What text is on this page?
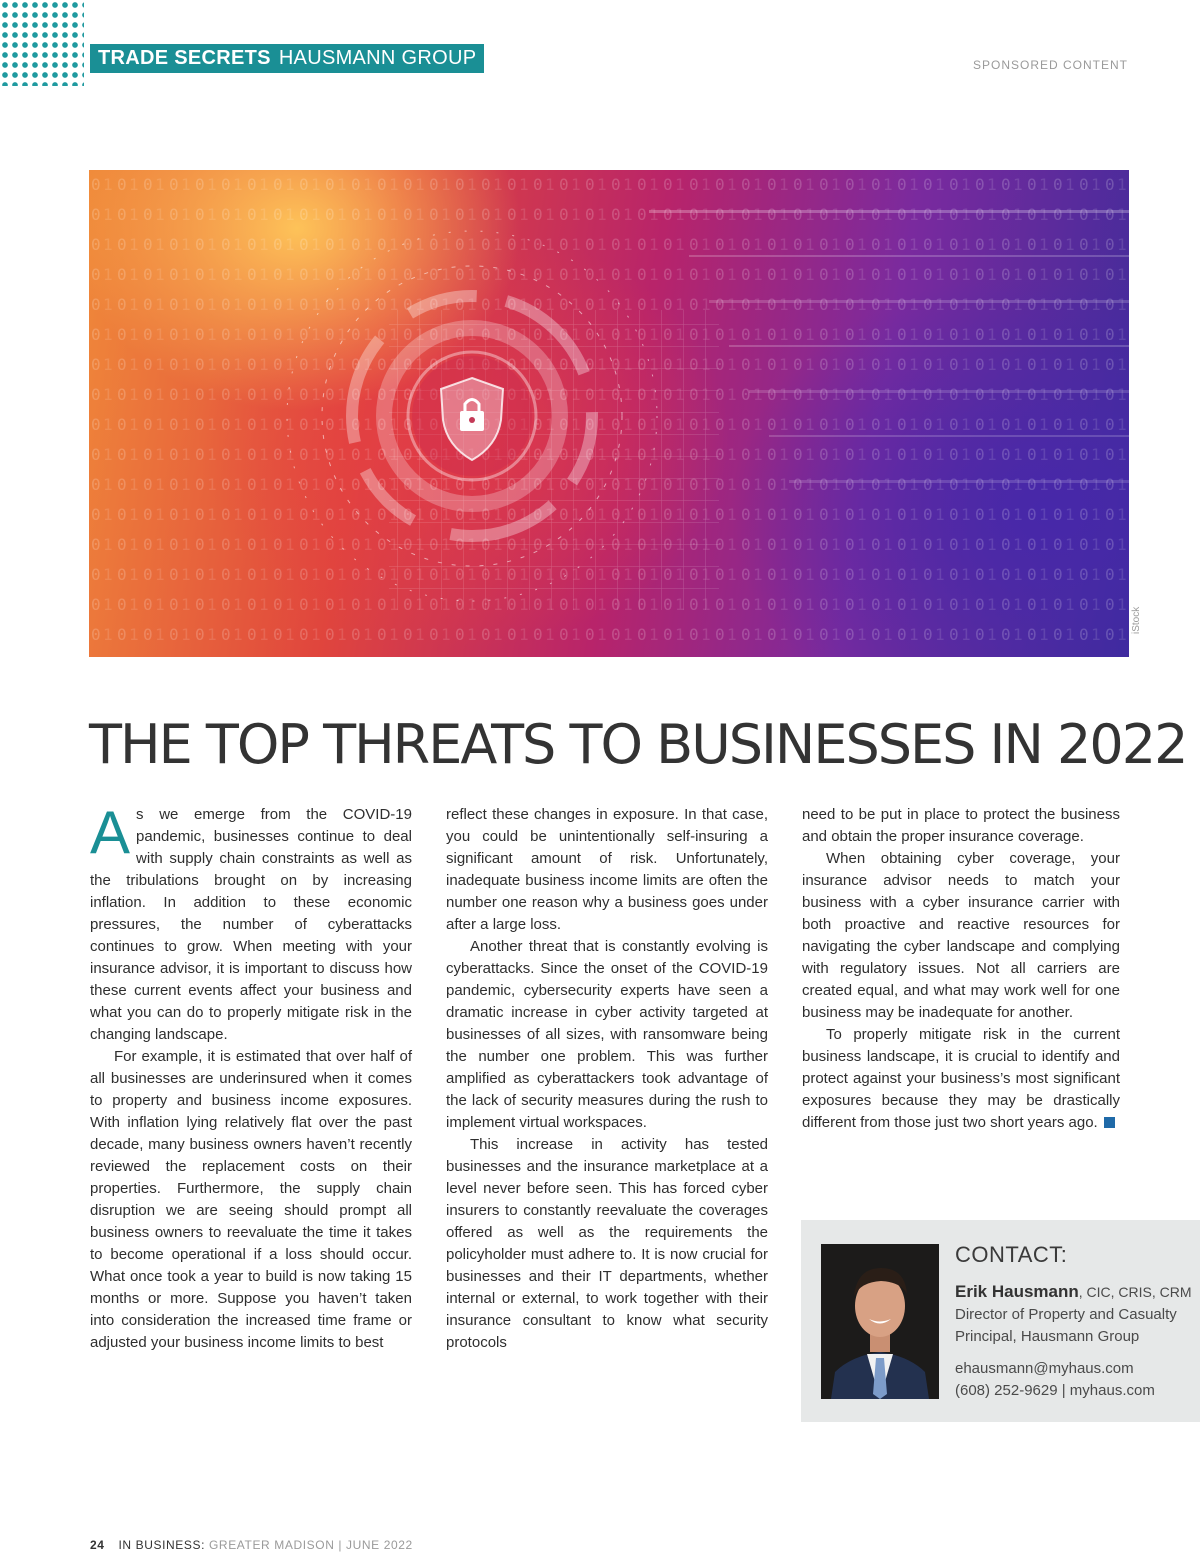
TRADE SECRETS HAUSMANN GROUP	SPONSORED CONTENT
iStock
THE TOP THREATS TO BUSINESSES IN 2022

As we emerge from the COVID-19 pandemic, businesses continue to deal with supply chain constraints as well as the tribulations brought on by increasing inflation. In addition to these economic pressures, the number of cyberattacks continues to grow. When meeting with your insurance advisor, it is important to discuss how these current events affect your business and what you can do to properly mitigate risk in the changing landscape.

For example, it is estimated that over half of all businesses are underinsured when it comes to property and business income exposures. With inflation lying relatively flat over the past decade, many business owners haven’t recently reviewed the replacement costs on their properties. Furthermore, the supply chain disruption we are seeing should prompt all business owners to reevaluate the time it takes to become operational if a loss should occur. What once took a year to build is now taking 15 months or more. Suppose you haven’t taken into consideration the increased time frame or adjusted your business income limits to best

reflect these changes in exposure. In that case, you could be unintentionally self-insuring a significant amount of risk. Unfortunately, inadequate business income limits are often the number one reason why a business goes under after a large loss.

Another threat that is constantly evolving is cyberattacks. Since the onset of the COVID-19 pandemic, cybersecurity experts have seen a dramatic increase in cyber activity targeted at businesses of all sizes, with ransomware being the number one problem. This was further amplified as cyberattackers took advantage of the lack of security measures during the rush to implement virtual workspaces.

This increase in activity has tested businesses and the insurance marketplace at a level never before seen. This has forced cyber insurers to constantly reevaluate the coverages offered as well as the requirements the policyholder must adhere to. It is now crucial for businesses and their IT departments, whether internal or external, to work together with their insurance consultant to know what security protocols

need to be put in place to protect the business and obtain the proper insurance coverage.

When obtaining cyber coverage, your insurance advisor needs to match your business with a cyber insurance carrier with both proactive and reactive resources for navigating the cyber landscape and complying with regulatory issues. Not all carriers are created equal, and what may work well for one business may be inadequate for another.

To properly mitigate risk in the current business landscape, it is crucial to identify and protect against your business’s most significant exposures because they may be drastically different from those just two short years ago.

CONTACT:
Erik Hausmann, CIC, CRIS, CRM
Director of Property and Casualty
Principal, Hausmann Group
ehausmann@myhaus.com
(608) 252-9629 | myhaus.com
24 IN BUSINESS: GREATER MADISON | JUNE 2022
